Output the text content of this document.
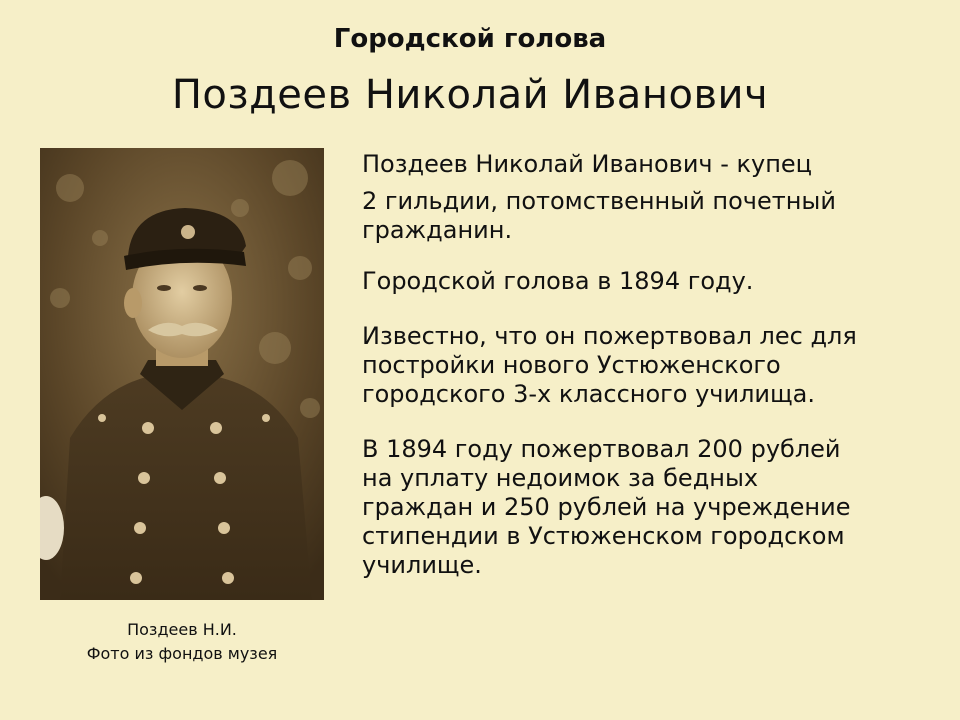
Городской голова
Поздеев Николай Иванович
Поздеев Н.И.
Фото из фондов музея

Поздеев Николай Иванович - купец

2 гильдии, потомственный почетный
гражданин.

Городской голова в 1894 году.

Известно, что он пожертвовал лес для
постройки нового Устюженского
городского 3-х классного училища.

В 1894 году пожертвовал 200 рублей
на уплату недоимок за бедных
граждан и 250 рублей на учреждение
стипендии в Устюженском городском
училище.
